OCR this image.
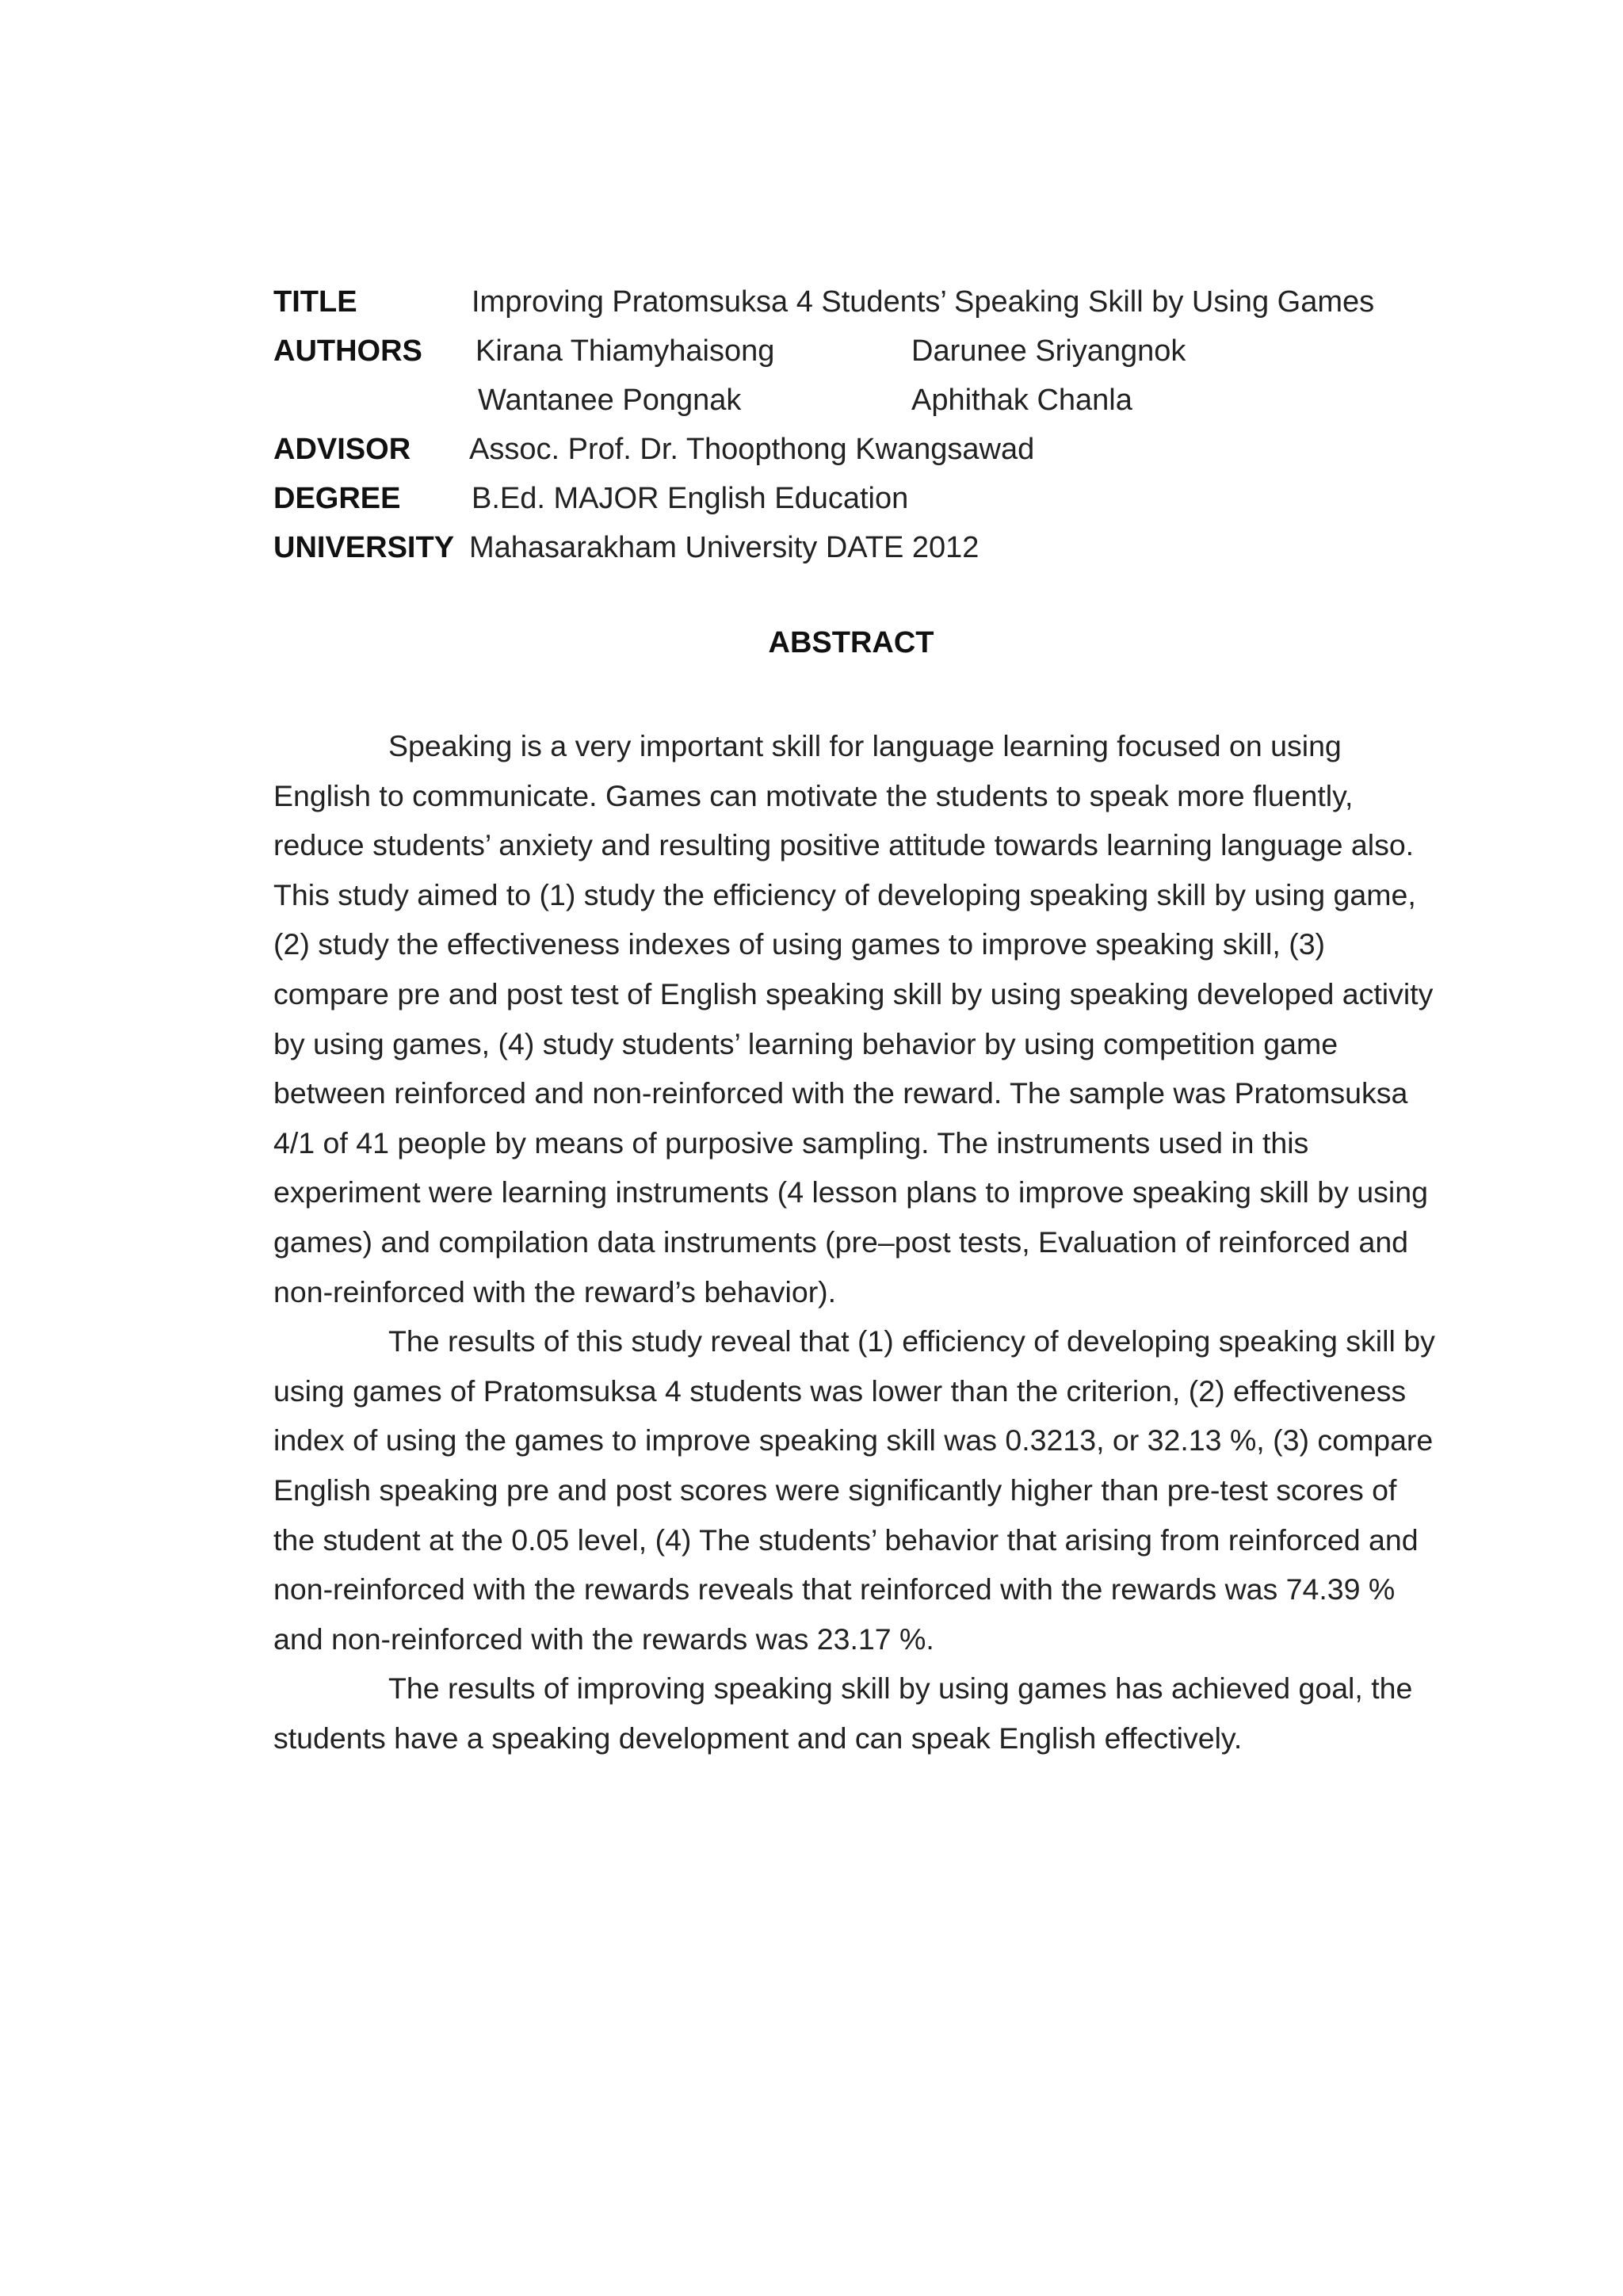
TITLE	Improving Pratomsuksa 4 Students’ Speaking Skill by Using Games
AUTHORS Kirana Thiamyhaisong	Darunee Sriyangnok
Wantanee Pongnak	Aphithak Chanla
ADVISOR Assoc. Prof. Dr. Thoopthong Kwangsawad
DEGREE B.Ed. MAJOR English Education
UNIVERSITY Mahasarakham University DATE 2012
ABSTRACT

Speaking is a very important skill for language learning focused on using English to communicate. Games can motivate the students to speak more fluently, reduce students’ anxiety and resulting positive attitude towards learning language also. This study aimed to (1) study the efficiency of developing speaking skill by using game, (2) study the effectiveness indexes of using games to improve speaking skill, (3) compare pre and post test of English speaking skill by using speaking developed activity by using games, (4) study students’ learning behavior by using competition game between reinforced and non-reinforced with the reward. The sample was Pratomsuksa 4/1 of 41 people by means of purposive sampling. The instruments used in this experiment were learning instruments (4 lesson plans to improve speaking skill by using games) and compilation data instruments (pre–post tests, Evaluation of reinforced and non-reinforced with the reward’s behavior).

The results of this study reveal that (1) efficiency of developing speaking skill by using games of Pratomsuksa 4 students was lower than the criterion, (2) effectiveness index of using the games to improve speaking skill was 0.3213, or 32.13 %, (3) compare English speaking pre and post scores were significantly higher than pre-test scores of the student at the 0.05 level, (4) The students’ behavior that arising from reinforced and non-reinforced with the rewards reveals that reinforced with the rewards was 74.39 % and non-reinforced with the rewards was 23.17 %.

The results of improving speaking skill by using games has achieved goal, the students have a speaking development and can speak English effectively.
